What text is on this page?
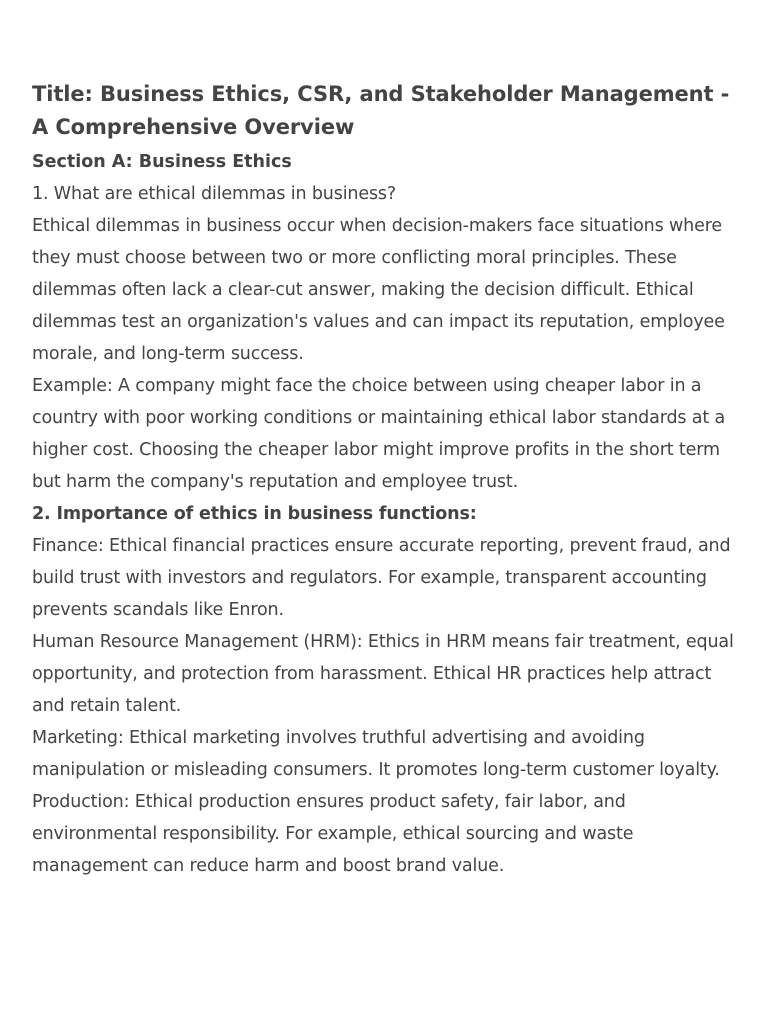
Title: Business Ethics, CSR, and Stakeholder Management - A Comprehensive Overview

Section A: Business Ethics

1. What are ethical dilemmas in business?

Ethical dilemmas in business occur when decision-makers face situations where they must choose between two or more conflicting moral principles. These dilemmas often lack a clear-cut answer, making the decision difficult. Ethical dilemmas test an organization's values and can impact its reputation, employee morale, and long-term success.

Example: A company might face the choice between using cheaper labor in a country with poor working conditions or maintaining ethical labor standards at a higher cost. Choosing the cheaper labor might improve profits in the short term but harm the company's reputation and employee trust.

2. Importance of ethics in business functions:

Finance: Ethical financial practices ensure accurate reporting, prevent fraud, and build trust with investors and regulators. For example, transparent accounting prevents scandals like Enron.

Human Resource Management (HRM): Ethics in HRM means fair treatment, equal opportunity, and protection from harassment. Ethical HR practices help attract and retain talent.

Marketing: Ethical marketing involves truthful advertising and avoiding manipulation or misleading consumers. It promotes long-term customer loyalty.

Production: Ethical production ensures product safety, fair labor, and environmental responsibility. For example, ethical sourcing and waste management can reduce harm and boost brand value.
